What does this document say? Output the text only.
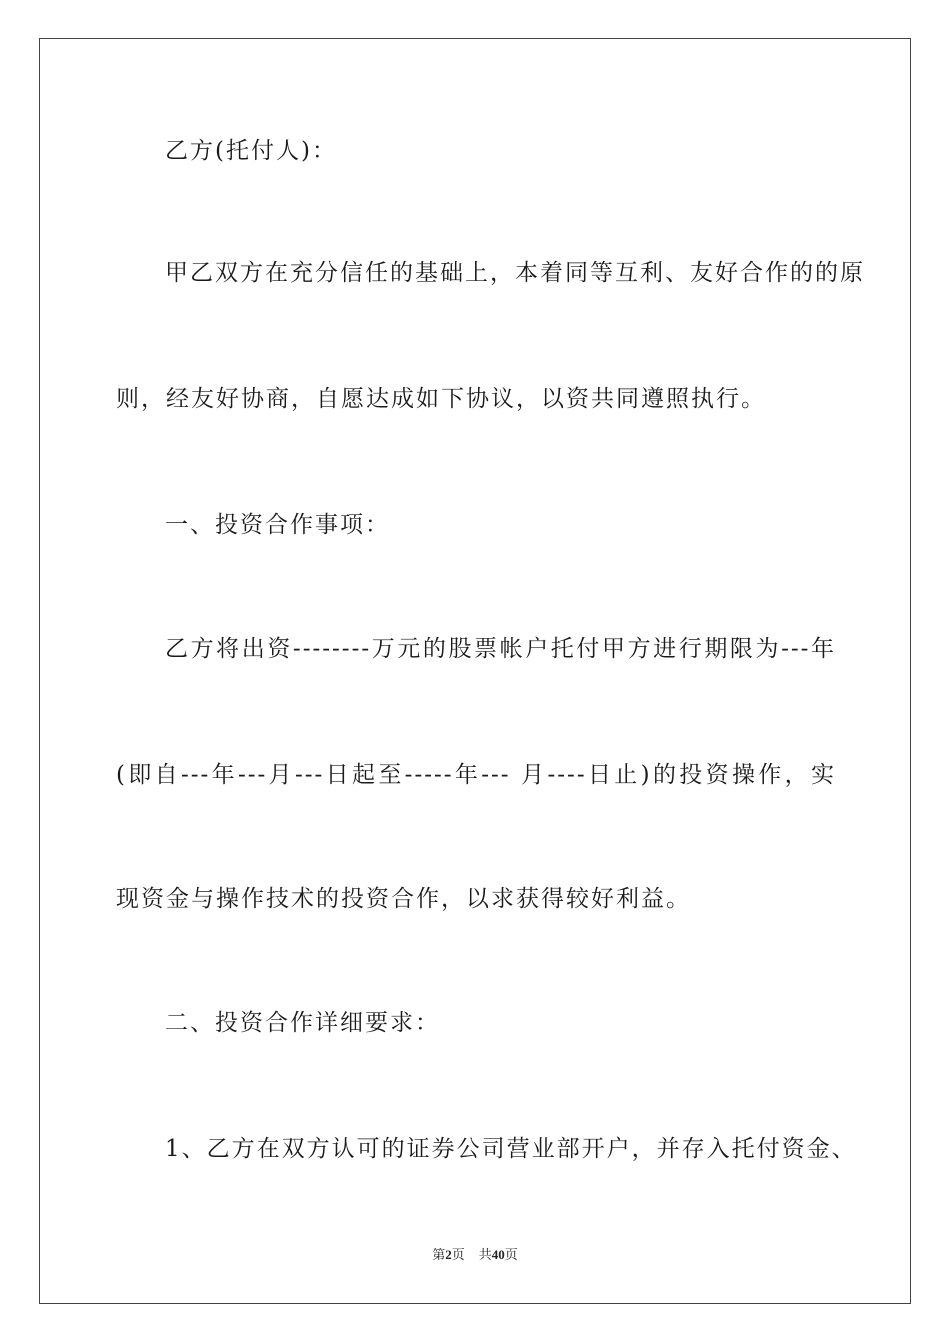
乙方(托付人)：
甲乙双方在充分信任的基础上，本着同等互利、友好合作的的原
则，经友好协商，自愿达成如下协议，以资共同遵照执行。
一、投资合作事项：
乙方将出资--------万元的股票帐户托付甲方进行期限为---年
(即自---年---月---日起至-----年--- 月----日止)的投资操作，实
现资金与操作技术的投资合作，以求获得较好利益。
二、投资合作详细要求：
1、乙方在双方认可的证券公司营业部开户，并存入托付资金、
第2页 共40页
